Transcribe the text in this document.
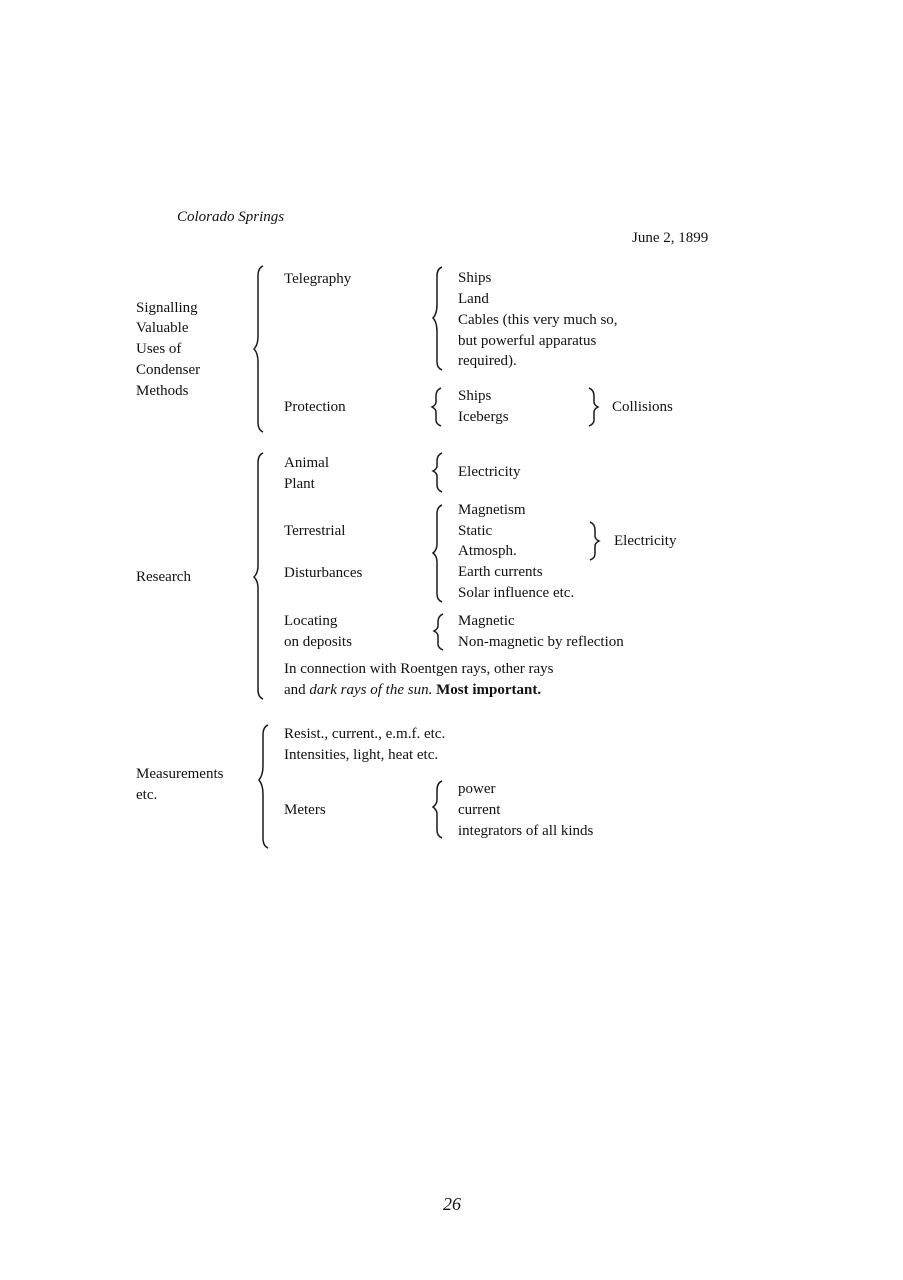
Colorado Springs
June 2, 1899
Signalling
Valuable
Uses of
Condenser
Methods
Telegraphy	Ships
Land
Cables (this very much so,
but powerful apparatus
required).
Protection
Ships
Icebergs
Collisions
Research
Animal
Plant
Electricity
Terrestrial
Disturbances
Magnetism
Static
Atmosph.
Earth currents
Solar influence etc.
Electricity
Locating
on deposits
Magnetic
Non-magnetic by reflection
In connection with Roentgen rays, other rays
and dark rays of the sun. Most important.
Measurements
etc.
Resist., current., e.m.f. etc.
Intensities, light, heat etc.
Meters
power
current
integrators of all kinds
26
